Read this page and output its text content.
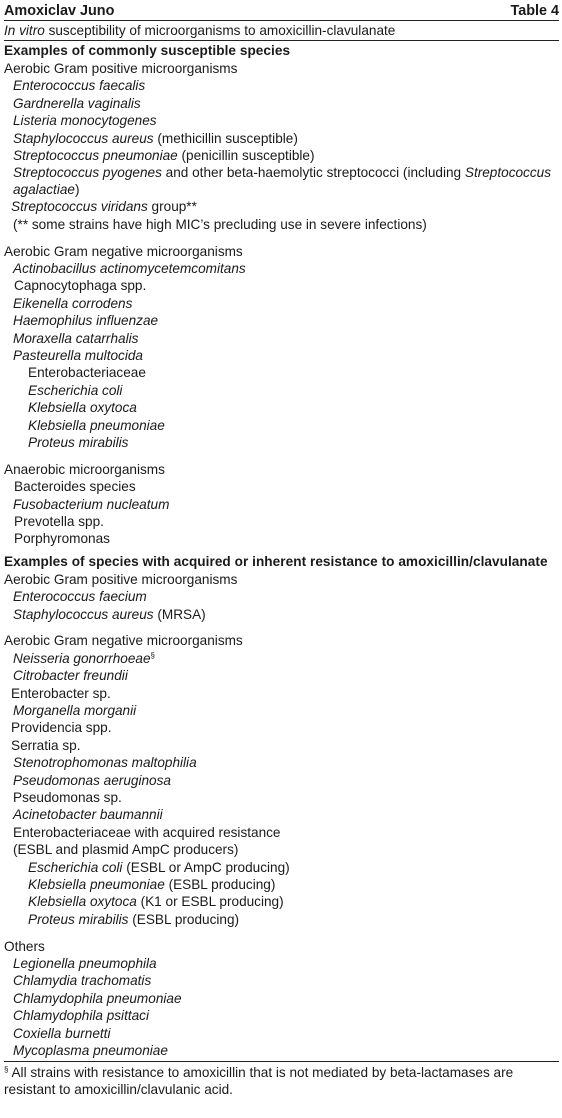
Amoxiclav Juno	Table 4
In vitro susceptibility of microorganisms to amoxicillin-clavulanate
Examples of commonly susceptible species
Aerobic Gram positive microorganisms
Enterococcus faecalis
Gardnerella vaginalis
Listeria monocytogenes
Staphylococcus aureus (methicillin susceptible)
Streptococcus pneumoniae (penicillin susceptible)
Streptococcus pyogenes and other beta-haemolytic streptococci (including Streptococcus agalactiae)
Streptococcus viridans group**
(** some strains have high MIC’s precluding use in severe infections)
Aerobic Gram negative microorganisms
Actinobacillus actinomycetemcomitans
Capnocytophaga spp.
Eikenella corrodens
Haemophilus influenzae
Moraxella catarrhalis
Pasteurella multocida
Enterobacteriaceae
Escherichia coli
Klebsiella oxytoca
Klebsiella pneumoniae
Proteus mirabilis
Anaerobic microorganisms
Bacteroides species
Fusobacterium nucleatum
Prevotella spp.
Porphyromonas
Examples of species with acquired or inherent resistance to amoxicillin/clavulanate
Aerobic Gram positive microorganisms
Enterococcus faecium
Staphylococcus aureus (MRSA)
Aerobic Gram negative microorganisms
Neisseria gonorrhoeae§
Citrobacter freundii
Enterobacter sp.
Morganella morganii
Providencia spp.
Serratia sp.
Stenotrophomonas maltophilia
Pseudomonas aeruginosa
Pseudomonas sp.
Acinetobacter baumannii
Enterobacteriaceae with acquired resistance
(ESBL and plasmid AmpC producers)
Escherichia coli (ESBL or AmpC producing)
Klebsiella pneumoniae (ESBL producing)
Klebsiella oxytoca (K1 or ESBL producing)
Proteus mirabilis (ESBL producing)
Others
Legionella pneumophila
Chlamydia trachomatis
Chlamydophila pneumoniae
Chlamydophila psittaci
Coxiella burnetti
Mycoplasma pneumoniae
§ All strains with resistance to amoxicillin that is not mediated by beta-lactamases are resistant to amoxicillin/clavulanic acid.
